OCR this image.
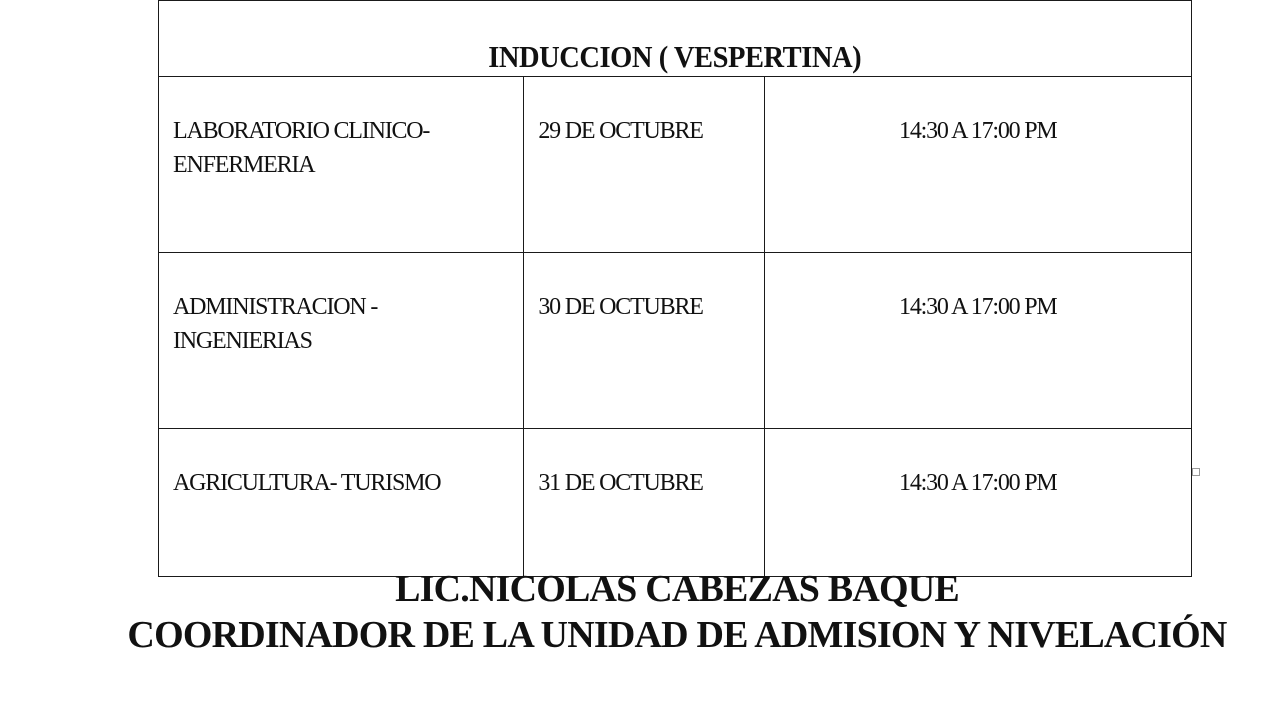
INDUCCION ( VESPERTINA)		

LABORATORIO CLINICO-
ENFERMERIA	29 DE OCTUBRE	14:30 A 17:00 PM

ADMINISTRACION -
INGENIERIAS	30 DE OCTUBRE	14:30 A 17:00 PM

AGRICULTURA- TURISMO	31 DE OCTUBRE	14:30 A 17:00 PM
LIC.NICOLAS CABEZAS BAQUE
COORDINADOR DE LA UNIDAD DE ADMISION Y NIVELACIÓN
